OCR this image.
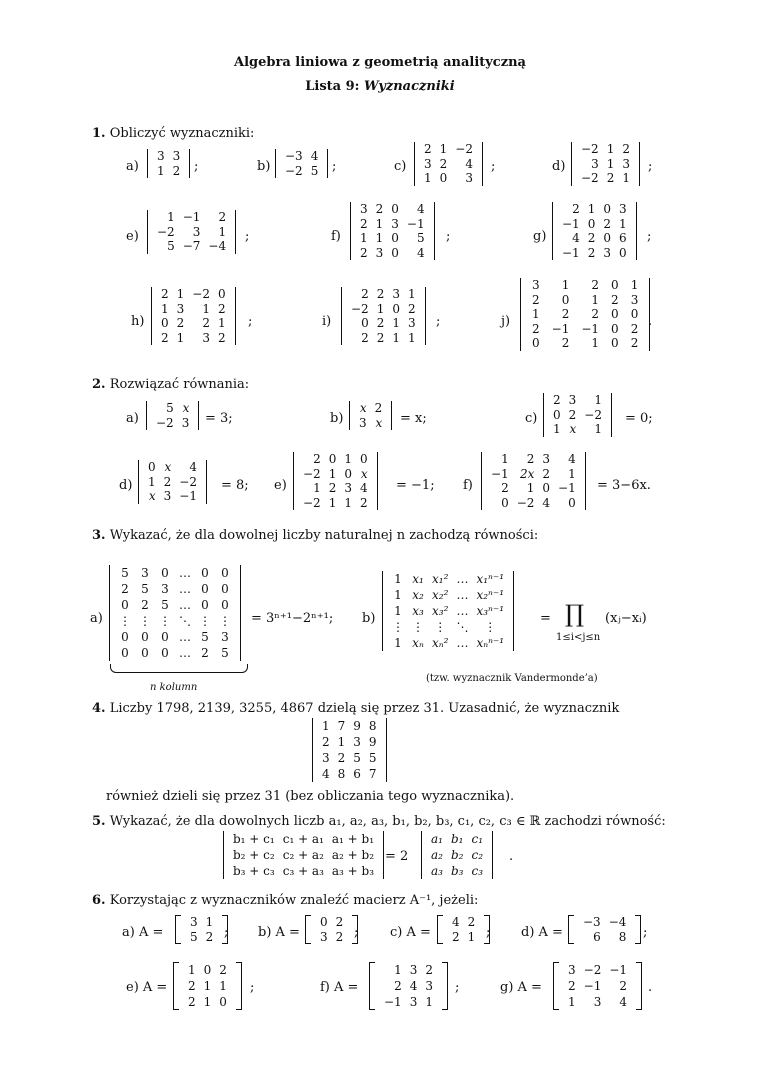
Algebra liniowa z geometrią analityczną
Lista 9: Wyznaczniki
1. Obliczyć wyznaczniki:
2. Rozwiązać równania:
3. Wykazać, że dla dowolnej liczby naturalnej n zachodzą równości:
4. Liczby 1798, 2139, 3255, 4867 dzielą się przez 31. Uzasadnić, że wyznacznik
również dzieli się przez 31 (bez obliczania tego wyznacznika).
5. Wykazać, że dla dowolnych liczb a₁, a₂, a₃, b₁, b₂, b₃, c₁, c₂, c₃ ∈ ℝ zachodzi równość:
6. Korzystając z wyznaczników znaleźć macierz A⁻¹, jeżeli:
a)
3	3
1	2 ;	b)
−3	4
−2	5 ;	c)
2	1	−2
3	2	4
1	0	3
;	d)
−2	1	2
3	1	3
−2	2	1
;
e)
1	−1	2
−2	3	1
5	−7	−4
;	f)
3	2	0	4
2	1	3	−1
1	1	0	5
2	3	0	4
;	g)
2	1	0	3
−1	0	2	1
4	2	0	6
−1	2	3	0
;
h)
2	1	−2	0
1	3	1	2
0	2	2	1
2	1	3	2
;	i)
2	2	3	1
−2	1	0	2
0	2	1	3
2	2	1	1
;	j)
3	1	2	0	1
2	0	1	2	3
1	2	2	0	0
2	−1	−1	0	2
0	2	1	0	2
.
a)
5	x
−2	3 = 3;	b)
x	2
3	x = x;	c)
2	3	1
0	2	−2
1	x	1
= 0;
d)
0	x	4
1	2	−2
x	3	−1
= 8; e)
2	0	1	0
−2	1	0	x
1	2	3	4
−2	1	1	2
= −1; f)
1	2	3	4
−1	2x	2	1
2	1	0	−1
0	−2	4	0
= 3−6x.
a)
5	3	0	…	0	0
2	5	3	…	0	0
0	2	5	…	0	0
⋮	⋮	⋮	⋱	⋮	⋮
0	0	0	…	5	3
0	0	0	…	2	5
= 3ⁿ⁺¹−2ⁿ⁺¹;
n kolumn
b)
1	x₁	x₁²	…	x₁ⁿ⁻¹
1	x₂	x₂²	…	x₂ⁿ⁻¹
1	x₃	x₃²	…	x₃ⁿ⁻¹
⋮	⋮	⋮	⋱	⋮
1	xₙ	xₙ²	…	xₙⁿ⁻¹
∏ (xⱼ−xᵢ)
1≤i<j≤n
=
(tzw. wyznacznik Vandermonde’a)
1	7	9	8
2	1	3	9
3	2	5	5
4	8	6	7
b₁ + c₁	c₁ + a₁	a₁ + b₁
b₂ + c₂	c₂ + a₂	a₂ + b₂
b₃ + c₃	c₃ + a₃	a₃ + b₃
= 2
a₁	b₁	c₁
a₂	b₂	c₂
a₃	b₃	c₃
.
a) A =
3	1
5	2 ; b) A =
0	2
3	2 ; c) A =
4	2
2	1 ; d) A =
−3	−4
6	8 ;
e) A =
1	0	2
2	1	1
2	1	0
;	f) A =
1	3	2
2	4	3
−1	3	1
;	g) A =
3	−2	−1
2	−1	2
1	3	4
.
